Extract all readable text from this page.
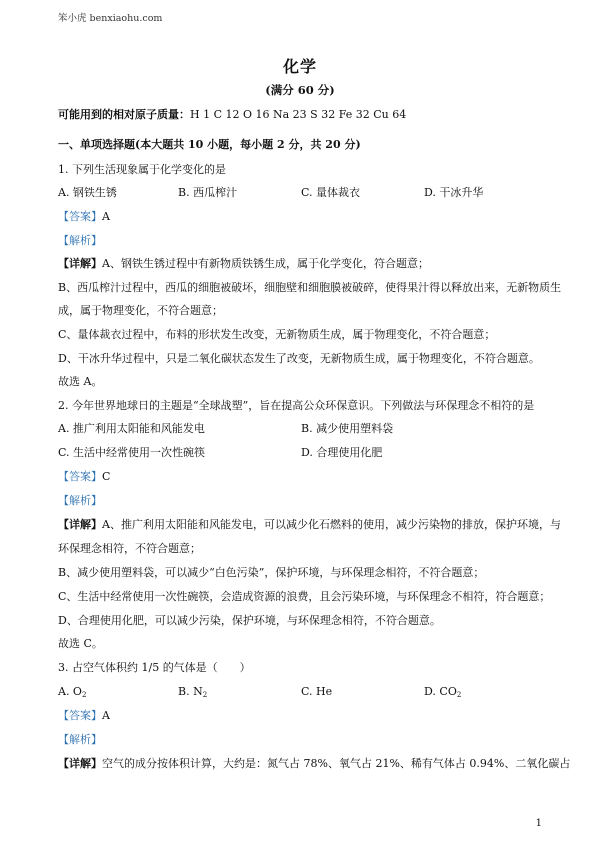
笨小虎 benxiaohu.com
化学
(满分 60 分)
可能用到的相对原子质量：H 1 C 12 O 16 Na 23 S 32 Fe 32 Cu 64
一、单项选择题(本大题共 10 小题，每小题 2 分，共 20 分)
1. 下列生活现象属于化学变化的是
A. 钢铁生锈	B. 西瓜榨汁	C. 量体裁衣	D. 干冰升华
【答案】A
【解析】
【详解】A、钢铁生锈过程中有新物质铁锈生成，属于化学变化，符合题意；
B、西瓜榨汁过程中，西瓜的细胞被破坏，细胞壁和细胞膜被破碎，使得果汁得以释放出来，无新物质生
成，属于物理变化，不符合题意；
C、量体裁衣过程中，布料的形状发生改变，无新物质生成，属于物理变化，不符合题意；
D、干冰升华过程中，只是二氧化碳状态发生了改变，无新物质生成，属于物理变化，不符合题意。
故选 A。
2. 今年世界地球日的主题是“全球战塑”，旨在提高公众环保意识。下列做法与环保理念不相符的是
A. 推广利用太阳能和风能发电	B. 减少使用塑料袋
C. 生活中经常使用一次性碗筷	D. 合理使用化肥
【答案】C
【解析】
【详解】A、推广利用太阳能和风能发电，可以减少化石燃料的使用，减少污染物的排放，保护环境，与
环保理念相符，不符合题意；
B、减少使用塑料袋，可以减少“白色污染”，保护环境，与环保理念相符，不符合题意；
C、生活中经常使用一次性碗筷，会造成资源的浪费，且会污染环境，与环保理念不相符，符合题意；
D、合理使用化肥，可以减少污染，保护环境，与环保理念相符，不符合题意。
故选 C。
3. 占空气体积约 1/5 的气体是（　　）
A. $O_2$	B. $N_2$	C. He	D. $CO_2$
【答案】A
【解析】
【详解】空气的成分按体积计算，大约是：氮气占 78%、氧气占 21%、稀有气体占 0.94%、二氧化碳占
1
